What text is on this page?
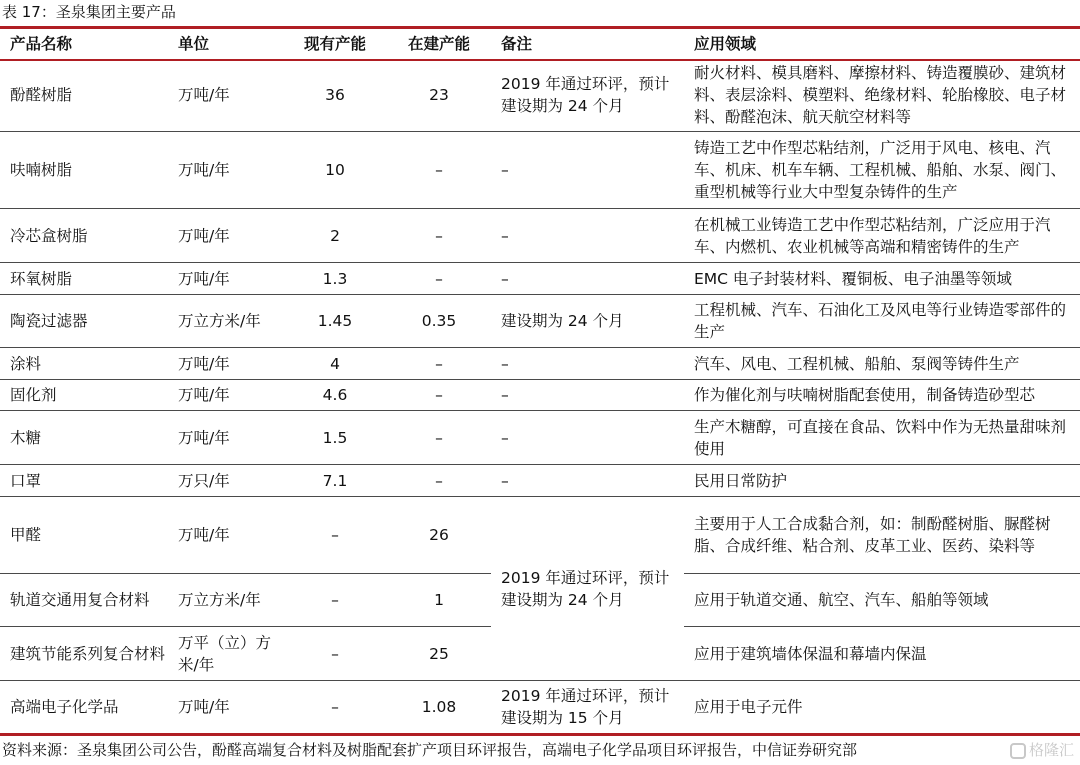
表 17：圣泉集团主要产品
产品名称	单位	现有产能	在建产能	备注	应用领域
酚醛树脂	万吨/年	36	23	2019 年通过环评，预计建设期为 24 个月	耐火材料、模具磨料、摩擦材料、铸造覆膜砂、建筑材料、表层涂料、模塑料、绝缘材料、轮胎橡胶、电子材料、酚醛泡沫、航天航空材料等
呋喃树脂	万吨/年	10	–	–	铸造工艺中作型芯粘结剂，广泛用于风电、核电、汽车、机床、机车车辆、工程机械、船舶、水泵、阀门、重型机械等行业大中型复杂铸件的生产
冷芯盒树脂	万吨/年	2	–	–	在机械工业铸造工艺中作型芯粘结剂，广泛应用于汽车、内燃机、农业机械等高端和精密铸件的生产
环氧树脂	万吨/年	1.3	–	–	EMC 电子封装材料、覆铜板、电子油墨等领域
陶瓷过滤器	万立方米/年	1.45	0.35	建设期为 24 个月	工程机械、汽车、石油化工及风电等行业铸造零部件的生产
涂料	万吨/年	4	–	–	汽车、风电、工程机械、船舶、泵阀等铸件生产
固化剂	万吨/年	4.6	–	–	作为催化剂与呋喃树脂配套使用，制备铸造砂型芯
木糖	万吨/年	1.5	–	–	生产木糖醇，可直接在食品、饮料中作为无热量甜味剂使用
口罩	万只/年	7.1	–	–	民用日常防护
甲醛	万吨/年	–	26	2019 年通过环评，预计建设期为 24 个月	主要用于人工合成黏合剂，如：制酚醛树脂、脲醛树脂、合成纤维、粘合剂、皮革工业、医药、染料等
轨道交通用复合材料	万立方米/年	–	1		应用于轨道交通、航空、汽车、船舶等领域
建筑节能系列复合材料	万平（立）方米/年	–	25		应用于建筑墙体保温和幕墙内保温
高端电子化学品	万吨/年	–	1.08	2019 年通过环评，预计建设期为 15 个月	应用于电子元件
资料来源：圣泉集团公司公告，酚醛高端复合材料及树脂配套扩产项目环评报告，高端电子化学品项目环评报告，中信证券研究部	格隆汇
